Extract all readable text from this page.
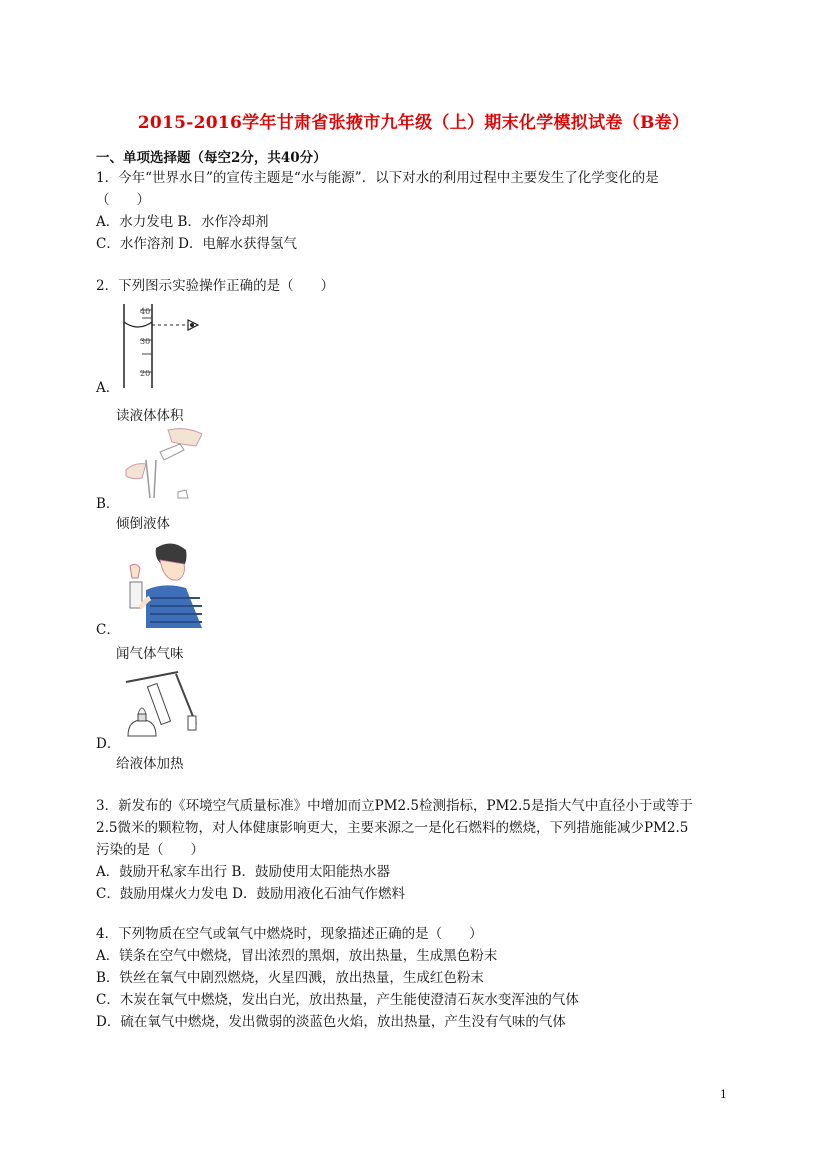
2015-2016学年甘肃省张掖市九年级（上）期末化学模拟试卷（B卷）
一、单项选择题（每空2分，共40分）
1．今年“世界水日”的宣传主题是“水与能源”．以下对水的利用过程中主要发生了化学变化的是
（　　）
A．水力发电 B．水作冷却剂
C．水作溶剂 D．电解水获得氢气
2．下列图示实验操作正确的是（　　）
40
30
20
A．
读液体体积
B．
倾倒液体
C．
闻气体气味
D．
给液体加热
3．新发布的《环境空气质量标准》中增加而立PM2.5检测指标，PM2.5是指大气中直径小于或等于
2.5微米的颗粒物，对人体健康影响更大，主要来源之一是化石燃料的燃烧，下列措施能减少PM2.5
污染的是（　　）
A．鼓励开私家车出行 B．鼓励使用太阳能热水器
C．鼓励用煤火力发电 D．鼓励用液化石油气作燃料
4．下列物质在空气或氧气中燃烧时，现象描述正确的是（　　）
A．镁条在空气中燃烧，冒出浓烈的黑烟，放出热量，生成黑色粉末
B．铁丝在氧气中剧烈燃烧，火星四溅，放出热量，生成红色粉末
C．木炭在氧气中燃烧，发出白光，放出热量，产生能使澄清石灰水变浑浊的气体
D．硫在氧气中燃烧，发出微弱的淡蓝色火焰，放出热量，产生没有气味的气体
1
